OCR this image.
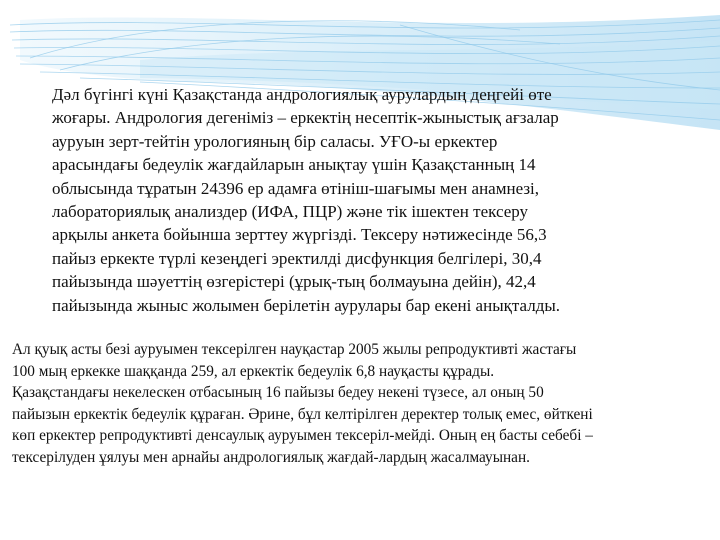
Дәл бүгінгі күні Қазақстанда андрологиялық аурулардың деңгейі өте
жоғары. Андрология дегеніміз – еркектің несептік-жыныстық ағзалар
ауруын зерт-тейтін урологияның бір саласы. УҒО-ы еркектер
арасындағы бедеулік жағдайларын анықтау үшін Қазақстанның 14
облысында тұратын 24396 ер адамға өтініш-шағымы мен анамнезі,
лабораториялық анализдер (ИФА, ПЦР) және тік ішектен тексеру
арқылы анкета бойынша зерттеу жүргізді. Тексеру нәтижесінде 56,3
пайыз еркекте түрлі кезеңдегі эректилді дисфункция белгілері, 30,4
пайызында шәуеттің өзгерістері (ұрық-тың болмауына дейін), 42,4
пайызында жыныс жолымен берілетін аурулары бар екені анықталды.
Ал қуық асты безі ауруымен тексерілген науқастар 2005 жылы репродуктивті жастағы
100 мың еркекке шаққанда 259, ал еркектік бедеулік 6,8 науқасты құрады.
Қазақстандағы некелескен отбасының 16 пайызы бедеу некені түзесе, ал оның 50
пайызын еркектік бедеулік құраған. Әрине, бұл келтірілген деректер толық емес, өйткені
көп еркектер репродуктивті денсаулық ауруымен тексеріл-мейді. Оның ең басты себебі –
тексерілуден ұялуы мен арнайы андрологиялық жағдай-лардың жасалмауынан.
